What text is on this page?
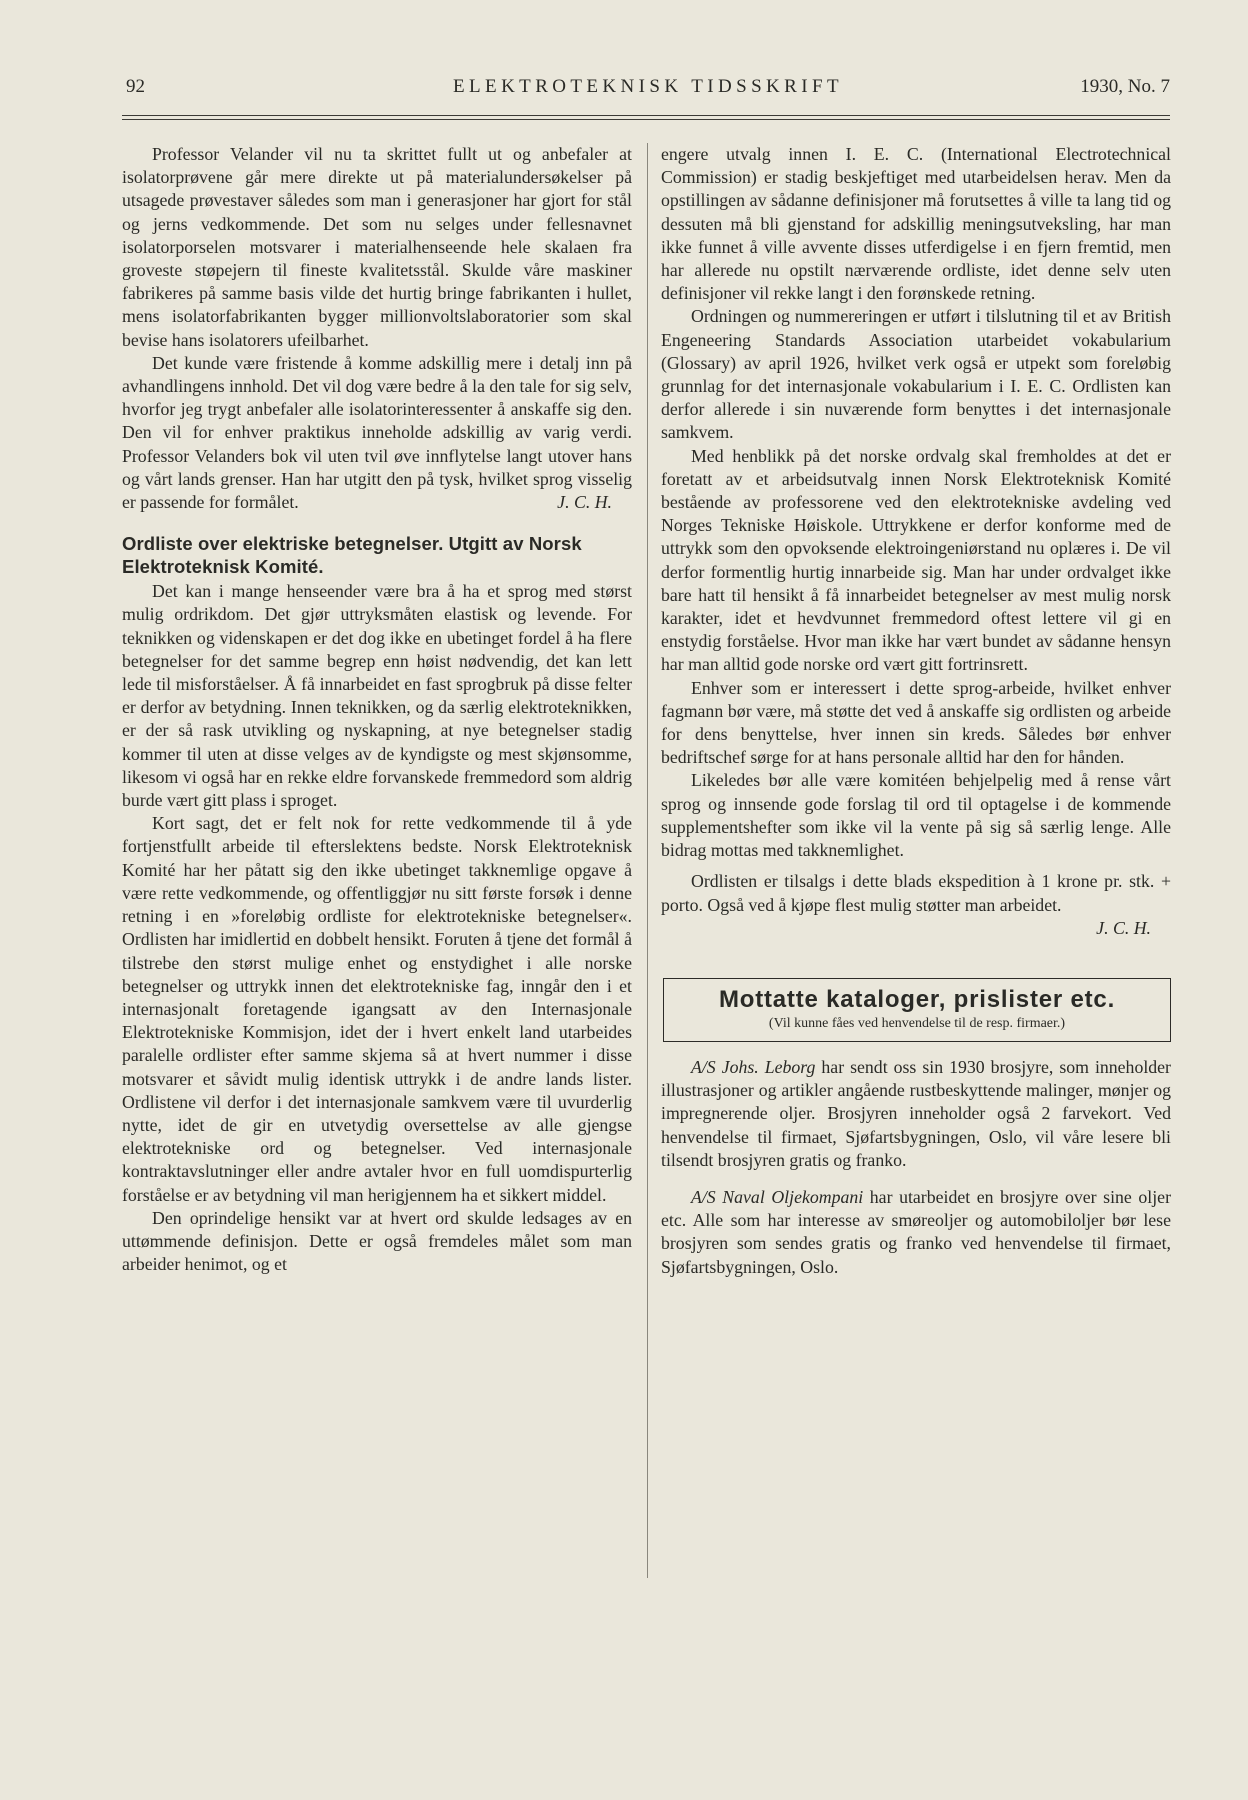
92	ELEKTROTEKNISK TIDSSKRIFT	1930, No. 7

Professor Velander vil nu ta skrittet fullt ut og anbefaler at isolatorprøvene går mere direkte ut på materialundersøkelser på utsagede prøvestaver således som man i generasjoner har gjort for stål og jerns vedkommende. Det som nu selges under fellesnavnet isolatorporselen motsvarer i materialhenseende hele skalaen fra groveste støpejern til fineste kvalitetsstål. Skulde våre maskiner fabrikeres på samme basis vilde det hurtig bringe fabrikanten i hullet, mens isolatorfabrikanten bygger millionvoltslaboratorier som skal bevise hans isolatorers ufeilbarhet.

Det kunde være fristende å komme adskillig mere i detalj inn på avhandlingens innhold. Det vil dog være bedre å la den tale for sig selv, hvorfor jeg trygt anbefaler alle isolatorinteressenter å anskaffe sig den. Den vil for enhver praktikus inneholde adskillig av varig verdi. Professor Velanders bok vil uten tvil øve innflytelse langt utover hans og vårt lands grenser. Han har utgitt den på tysk, hvilket sprog visselig er passende for formålet.	J. C. H.

Ordliste over elektriske betegnelser. Utgitt av Norsk Elektroteknisk Komité.

Det kan i mange henseender være bra å ha et sprog med størst mulig ordrikdom. Det gjør uttryksmåten elastisk og levende. For teknikken og videnskapen er det dog ikke en ubetinget fordel å ha flere betegnelser for det samme begrep enn høist nødvendig, det kan lett lede til misforståelser. Å få innarbeidet en fast sprogbruk på disse felter er derfor av betydning. Innen teknikken, og da særlig elektroteknikken, er der så rask utvikling og nyskapning, at nye betegnelser stadig kommer til uten at disse velges av de kyndigste og mest skjønsomme, likesom vi også har en rekke eldre forvanskede fremmedord som aldrig burde vært gitt plass i sproget.

Kort sagt, det er felt nok for rette vedkommende til å yde fortjenstfullt arbeide til efterslektens bedste. Norsk Elektroteknisk Komité har her påtatt sig den ikke ubetinget takknemlige opgave å være rette vedkommende, og offentliggjør nu sitt første forsøk i denne retning i en »foreløbig ordliste for elektrotekniske betegnelser«. Ordlisten har imidlertid en dobbelt hensikt. Foruten å tjene det formål å tilstrebe den størst mulige enhet og enstydighet i alle norske betegnelser og uttrykk innen det elektrotekniske fag, inngår den i et internasjonalt foretagende igangsatt av den Internasjonale Elektrotekniske Kommisjon, idet der i hvert enkelt land utarbeides paralelle ordlister efter samme skjema så at hvert nummer i disse motsvarer et såvidt mulig identisk uttrykk i de andre lands lister. Ordlistene vil derfor i det internasjonale samkvem være til uvurderlig nytte, idet de gir en utvetydig oversettelse av alle gjengse elektrotekniske ord og betegnelser. Ved internasjonale kontraktavslutninger eller andre avtaler hvor en full uomdispurterlig forståelse er av betydning vil man herigjennem ha et sikkert middel.

Den oprindelige hensikt var at hvert ord skulde ledsages av en uttømmende definisjon. Dette er også fremdeles målet som man arbeider henimot, og et

engere utvalg innen I. E. C. (International Electrotechnical Commission) er stadig beskjeftiget med utarbeidelsen herav. Men da opstillingen av sådanne definisjoner må forutsettes å ville ta lang tid og dessuten må bli gjenstand for adskillig meningsutveksling, har man ikke funnet å ville avvente disses utferdigelse i en fjern fremtid, men har allerede nu opstilt nærværende ordliste, idet denne selv uten definisjoner vil rekke langt i den forønskede retning.

Ordningen og nummereringen er utført i tilslutning til et av British Engeneering Standards Association utarbeidet vokabularium (Glossary) av april 1926, hvilket verk også er utpekt som foreløbig grunnlag for det internasjonale vokabularium i I. E. C. Ordlisten kan derfor allerede i sin nuværende form benyttes i det internasjonale samkvem.

Med henblikk på det norske ordvalg skal fremholdes at det er foretatt av et arbeidsutvalg innen Norsk Elektroteknisk Komité bestående av professorene ved den elektrotekniske avdeling ved Norges Tekniske Høiskole. Uttrykkene er derfor konforme med de uttrykk som den opvoksende elektroingeniørstand nu oplæres i. De vil derfor formentlig hurtig innarbeide sig. Man har under ordvalget ikke bare hatt til hensikt å få innarbeidet betegnelser av mest mulig norsk karakter, idet et hevdvunnet fremmedord oftest lettere vil gi en enstydig forståelse. Hvor man ikke har vært bundet av sådanne hensyn har man alltid gode norske ord vært gitt fortrinsrett.

Enhver som er interessert i dette sprog-arbeide, hvilket enhver fagmann bør være, må støtte det ved å anskaffe sig ordlisten og arbeide for dens benyttelse, hver innen sin kreds. Således bør enhver bedriftschef sørge for at hans personale alltid har den for hånden.

Likeledes bør alle være komitéen behjelpelig med å rense vårt sprog og innsende gode forslag til ord til optagelse i de kommende supplementshefter som ikke vil la vente på sig så særlig lenge. Alle bidrag mottas med takknemlighet.

Ordlisten er tilsalgs i dette blads ekspedition à 1 krone pr. stk. + porto. Også ved å kjøpe flest mulig støtter man arbeidet.

J. C. H.
Mottatte kataloger, prislister etc.
(Vil kunne fåes ved henvendelse til de resp. firmaer.)

A/S Johs. Leborg har sendt oss sin 1930 brosjyre, som inneholder illustrasjoner og artikler angående rustbeskyttende malinger, mønjer og impregnerende oljer. Brosjyren inneholder også 2 farvekort. Ved henvendelse til firmaet, Sjøfartsbygningen, Oslo, vil våre lesere bli tilsendt brosjyren gratis og franko.

A/S Naval Oljekompani har utarbeidet en brosjyre over sine oljer etc. Alle som har interesse av smøreoljer og automobiloljer bør lese brosjyren som sendes gratis og franko ved henvendelse til firmaet, Sjøfartsbygningen, Oslo.
